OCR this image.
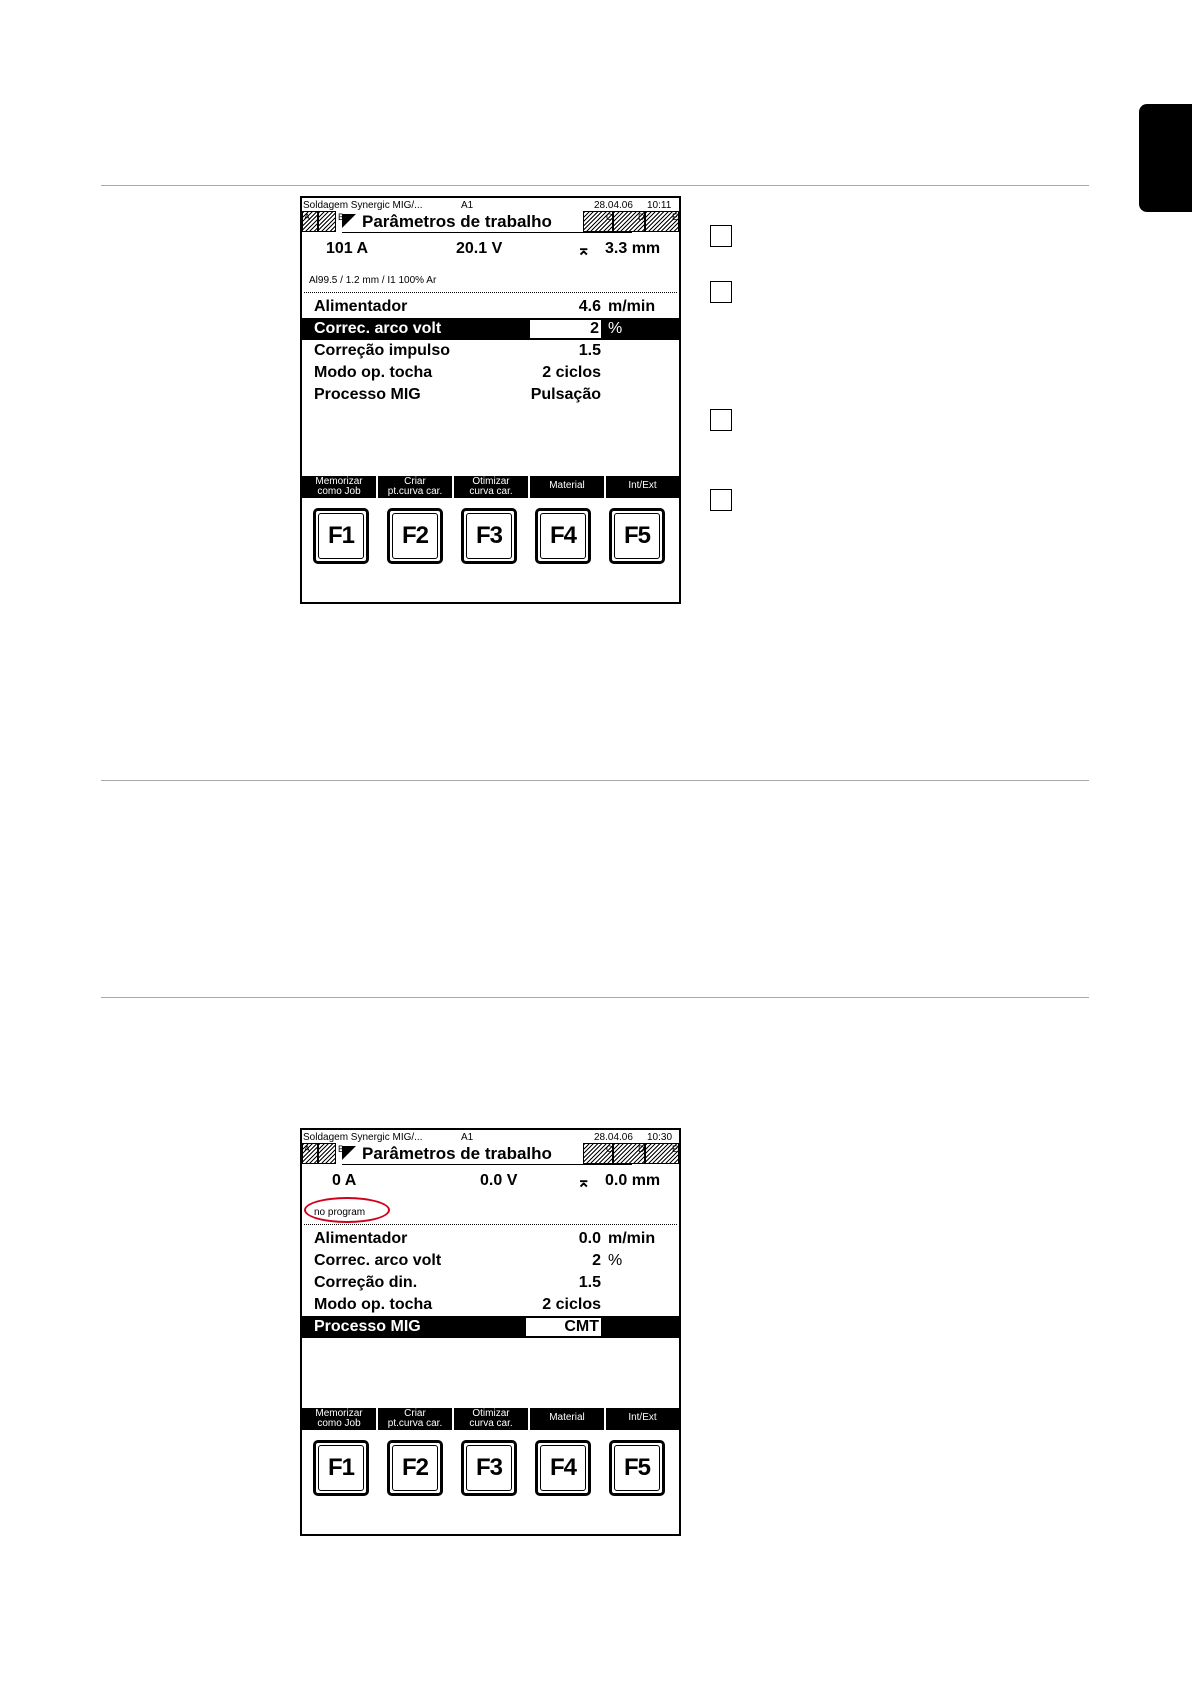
Soldagem Synergic MIG/...	A1	28.04.06 10:11
A	B Parâmetros de trabalho	C	D	E
101 A	20.1 V	⌅ 3.3 mm
Al99.5 / 1.2 mm / I1 100% Ar
Alimentador	4.6 m/min
Correc. arco volt	2 %
Correção impulso	1.5
Modo op. tocha	2 ciclos
Processo MIG	Pulsação
Memorizar
como Job
Criar
pt.curva car.
Otimizar
curva car.
Material	Int/Ext
F1	F2	F3	F4	F5
Soldagem Synergic MIG/...	A1	28.04.06 10:30
A	B Parâmetros de trabalho	C	D	E
0 A	0.0 V	⌅ 0.0 mm
no program
Alimentador	0.0 m/min
Correc. arco volt	2 %
Correção din.	1.5
Modo op. tocha	2 ciclos
Processo MIG	CMT
Memorizar
como Job
Criar
pt.curva car.
Otimizar
curva car.
Material	Int/Ext
F1	F2	F3	F4	F5
